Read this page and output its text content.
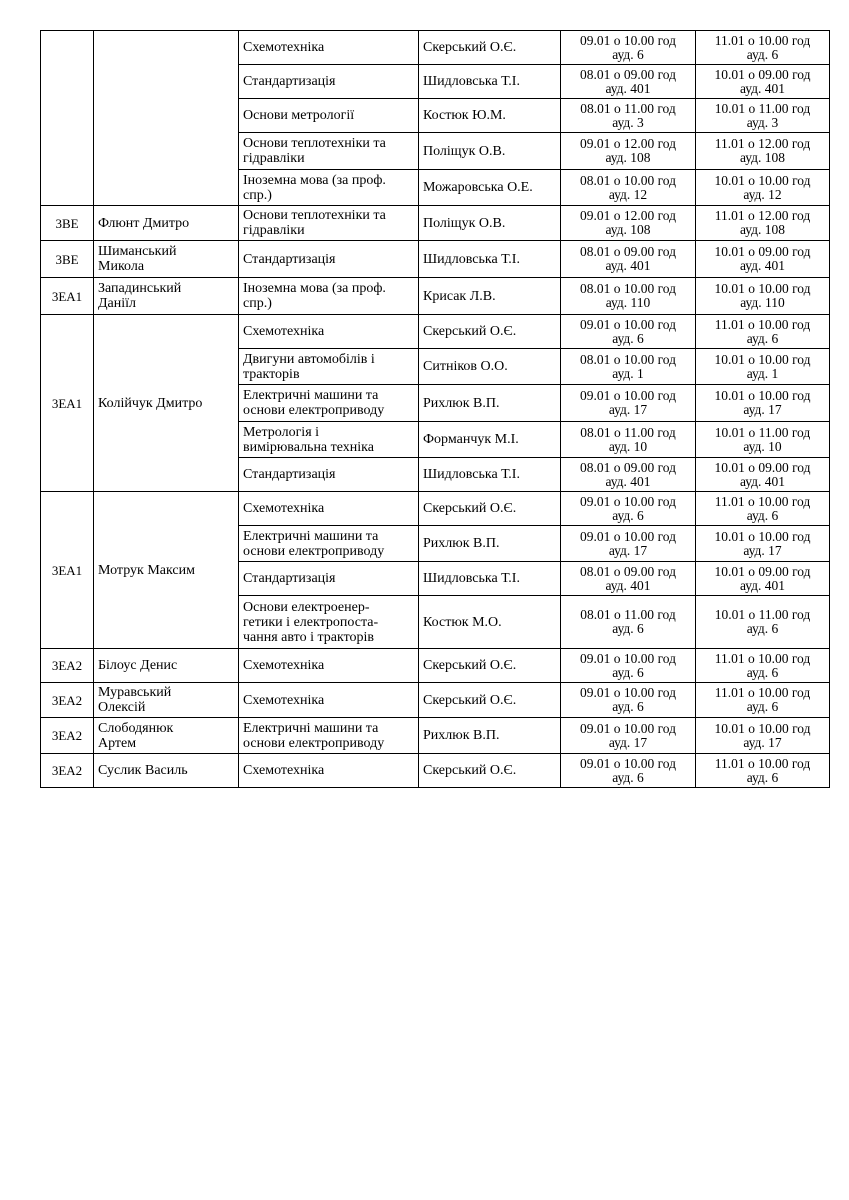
		Схемотехніка	Скерський О.Є.	09.01 о 10.00 год
ауд. 6	11.01 о 10.00 год
ауд. 6

		Стандартизація	Шидловська Т.І.	08.01 о 09.00 год
ауд. 401	10.01 о 09.00 год
ауд. 401

		Основи метрології	Костюк Ю.М.	08.01 о 11.00 год
ауд. 3	10.01 о 11.00 год
ауд. 3

		Основи теплотехніки та
гідравліки	Поліщук О.В.	09.01 о 12.00 год
ауд. 108	11.01 о 12.00 год
ауд. 108

		Іноземна мова (за проф.
спр.)	Можаровська О.Е.	08.01 о 10.00 год
ауд. 12	10.01 о 10.00 год
ауд. 12

3ВЕ	Флюнт Дмитро	Основи теплотехніки та
гідравліки	Поліщук О.В.	09.01 о 12.00 год
ауд. 108	11.01 о 12.00 год
ауд. 108

3ВЕ	Шиманський
Микола	Стандартизація	Шидловська Т.І.	08.01 о 09.00 год
ауд. 401	10.01 о 09.00 год
ауд. 401

3ЕА1	Западинський
Даніїл	Іноземна мова (за проф.
спр.)	Крисак Л.В.	08.01 о 10.00 год
ауд. 110	10.01 о 10.00 год
ауд. 110

3ЕА1	Колійчук Дмитро	Схемотехніка	Скерський О.Є.	09.01 о 10.00 год
ауд. 6	11.01 о 10.00 год
ауд. 6

		Двигуни автомобілів і
тракторів	Ситніков О.О.	08.01 о 10.00 год
ауд. 1	10.01 о 10.00 год
ауд. 1

		Електричні машини та
основи електроприводу	Рихлюк В.П.	09.01 о 10.00 год
ауд. 17	10.01 о 10.00 год
ауд. 17

		Метрологія і
вимірювальна техніка	Форманчук М.І.	08.01 о 11.00 год
ауд. 10	10.01 о 11.00 год
ауд. 10

		Стандартизація	Шидловська Т.І.	08.01 о 09.00 год
ауд. 401	10.01 о 09.00 год
ауд. 401

3ЕА1	Мотрук Максим	Схемотехніка	Скерський О.Є.	09.01 о 10.00 год
ауд. 6	11.01 о 10.00 год
ауд. 6

		Електричні машини та
основи електроприводу	Рихлюк В.П.	09.01 о 10.00 год
ауд. 17	10.01 о 10.00 год
ауд. 17

		Стандартизація	Шидловська Т.І.	08.01 о 09.00 год
ауд. 401	10.01 о 09.00 год
ауд. 401

		Основи електроенер-
гетики і електропоста-
чання авто і тракторів	Костюк М.О.	08.01 о 11.00 год
ауд. 6	10.01 о 11.00 год
ауд. 6

3ЕА2	Білоус Денис	Схемотехніка	Скерський О.Є.	09.01 о 10.00 год
ауд. 6	11.01 о 10.00 год
ауд. 6

3ЕА2	Муравський
Олексій	Схемотехніка	Скерський О.Є.	09.01 о 10.00 год
ауд. 6	11.01 о 10.00 год
ауд. 6

3ЕА2	Слободянюк
Артем	Електричні машини та
основи електроприводу	Рихлюк В.П.	09.01 о 10.00 год
ауд. 17	10.01 о 10.00 год
ауд. 17

3ЕА2	Суслик Василь	Схемотехніка	Скерський О.Є.	09.01 о 10.00 год
ауд. 6	11.01 о 10.00 год
ауд. 6
